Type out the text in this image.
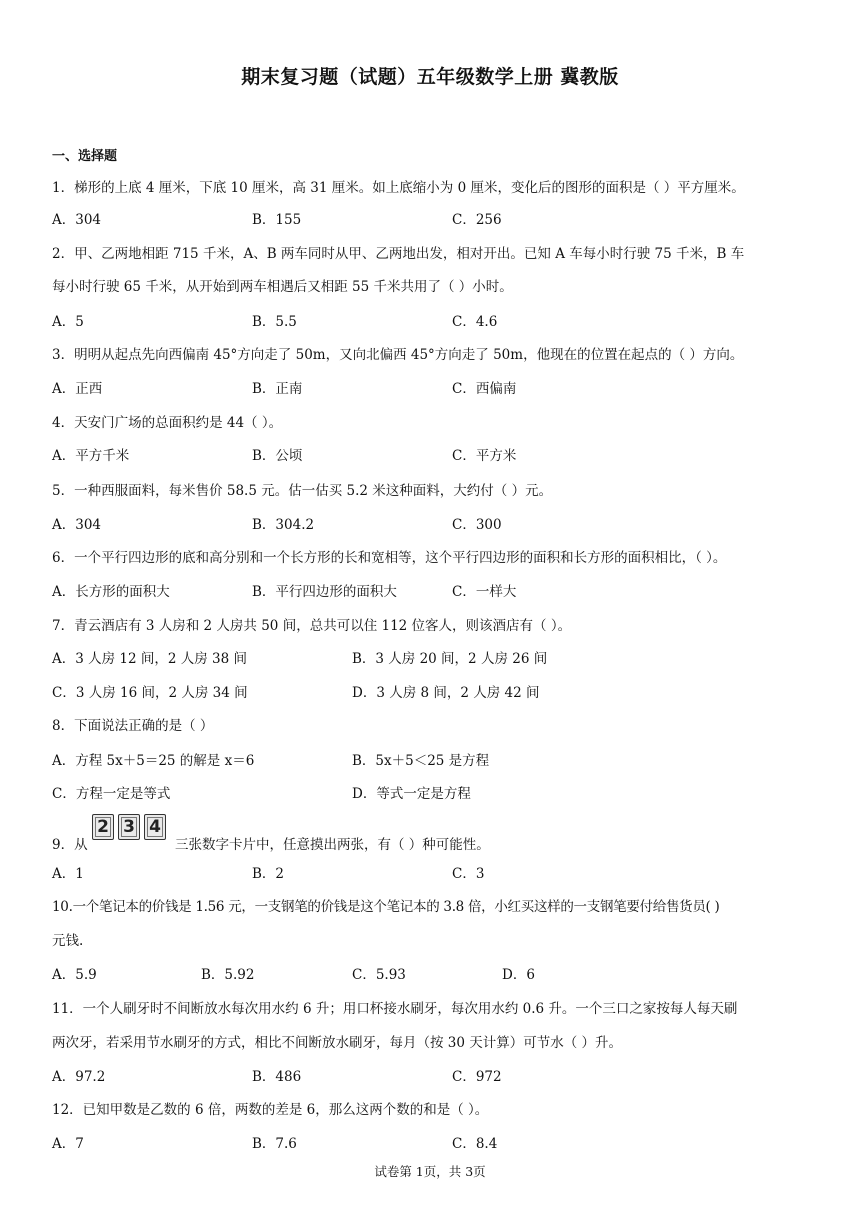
期末复习题（试题）五年级数学上册 冀教版
一、选择题
1．梯形的上底 4 厘米，下底 10 厘米，高 31 厘米。如上底缩小为 0 厘米，变化后的图形的面积是（ ）平方厘米。
A．304	B．155	C．256
2．甲、乙两地相距 715 千米，A、B 两车同时从甲、乙两地出发，相对开出。已知 A 车每小时行驶 75 千米，B 车
每小时行驶 65 千米，从开始到两车相遇后又相距 55 千米共用了（ ）小时。
A．5	B．5.5	C．4.6
3．明明从起点先向西偏南 45°方向走了 50m，又向北偏西 45°方向走了 50m，他现在的位置在起点的（ ）方向。
A．正西	B．正南	C．西偏南
4．天安门广场的总面积约是 44（ ）。
A．平方千米	B．公顷	C．平方米
5．一种西服面料，每米售价 58.5 元。估一估买 5.2 米这种面料，大约付（ ）元。
A．304	B．304.2	C．300
6．一个平行四边形的底和高分别和一个长方形的长和宽相等，这个平行四边形的面积和长方形的面积相比，（ ）。
A．长方形的面积大	B．平行四边形的面积大	C．一样大
7．青云酒店有 3 人房和 2 人房共 50 间，总共可以住 112 位客人，则该酒店有（ ）。
A．3 人房 12 间，2 人房 38 间	B．3 人房 20 间，2 人房 26 间
C．3 人房 16 间，2 人房 34 间	D．3 人房 8 间，2 人房 42 间
8．下面说法正确的是（ ）
A．方程 5x＋5＝25 的解是 x＝6	B．5x＋5＜25 是方程
C．方程一定是等式	D．等式一定是方程
9．从
2 3 4
三张数字卡片中，任意摸出两张，有（ ）种可能性。
A．1	B．2	C．3
10.一个笔记本的价钱是 1.56 元，一支钢笔的价钱是这个笔记本的 3.8 倍，小红买这样的一支钢笔要付给售货员( )
元钱.
A．5.9	B．5.92	C．5.93	D．6
11．一个人刷牙时不间断放水每次用水约 6 升；用口杯接水刷牙，每次用水约 0.6 升。一个三口之家按每人每天刷
两次牙，若采用节水刷牙的方式，相比不间断放水刷牙，每月（按 30 天计算）可节水（ ）升。
A．97.2	B．486	C．972
12．已知甲数是乙数的 6 倍，两数的差是 6，那么这两个数的和是（ ）。
A．7	B．7.6	C．8.4
试卷第 1页，共 3页
